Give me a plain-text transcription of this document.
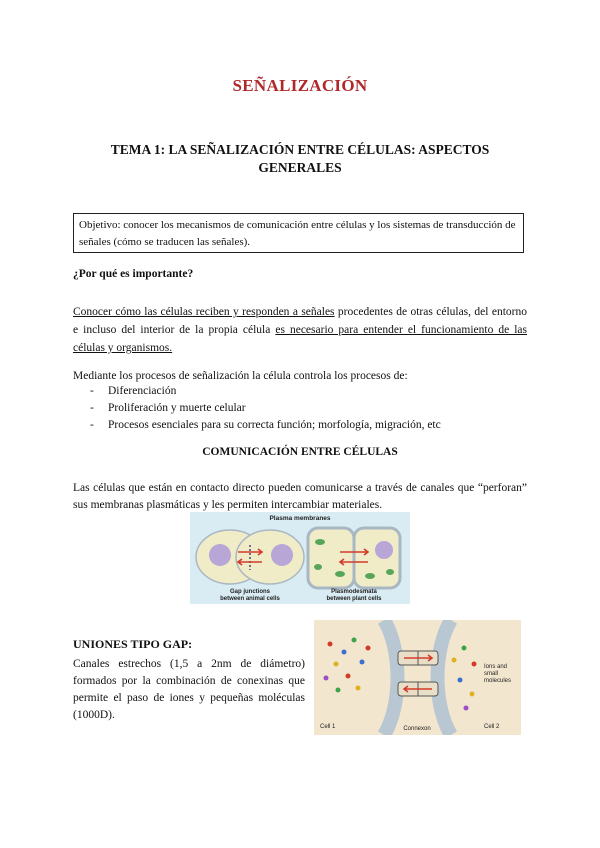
SEÑALIZACIÓN
TEMA 1: LA SEÑALIZACIÓN ENTRE CÉLULAS: ASPECTOS GENERALES
Objetivo: conocer los mecanismos de comunicación entre células y los sistemas de transducción de señales (cómo se traducen las señales).
¿Por qué es importante?
Conocer cómo las células reciben y responden a señales procedentes de otras células, del entorno e incluso del interior de la propia célula es necesario para entender el funcionamiento de las células y organismos.
Mediante los procesos de señalización la célula controla los procesos de:
- Diferenciación
- Proliferación y muerte celular
- Procesos esenciales para su correcta función; morfología, migración, etc
COMUNICACIÓN ENTRE CÉLULAS
Las células que están en contacto directo pueden comunicarse a través de canales que “perforan” sus membranas plasmáticas y les permiten intercambiar materiales.
Plasma membranes
Gap junctions
between animal cells
Plasmodesmata
between plant cells
UNIONES TIPO GAP:
Canales estrechos (1,5 a 2nm de diámetro) formados por la combinación de conexinas que permite el paso de iones y pequeñas moléculas (1000D).
Ions and
small
molecules
Cell 1	Cell 2
Connexon
